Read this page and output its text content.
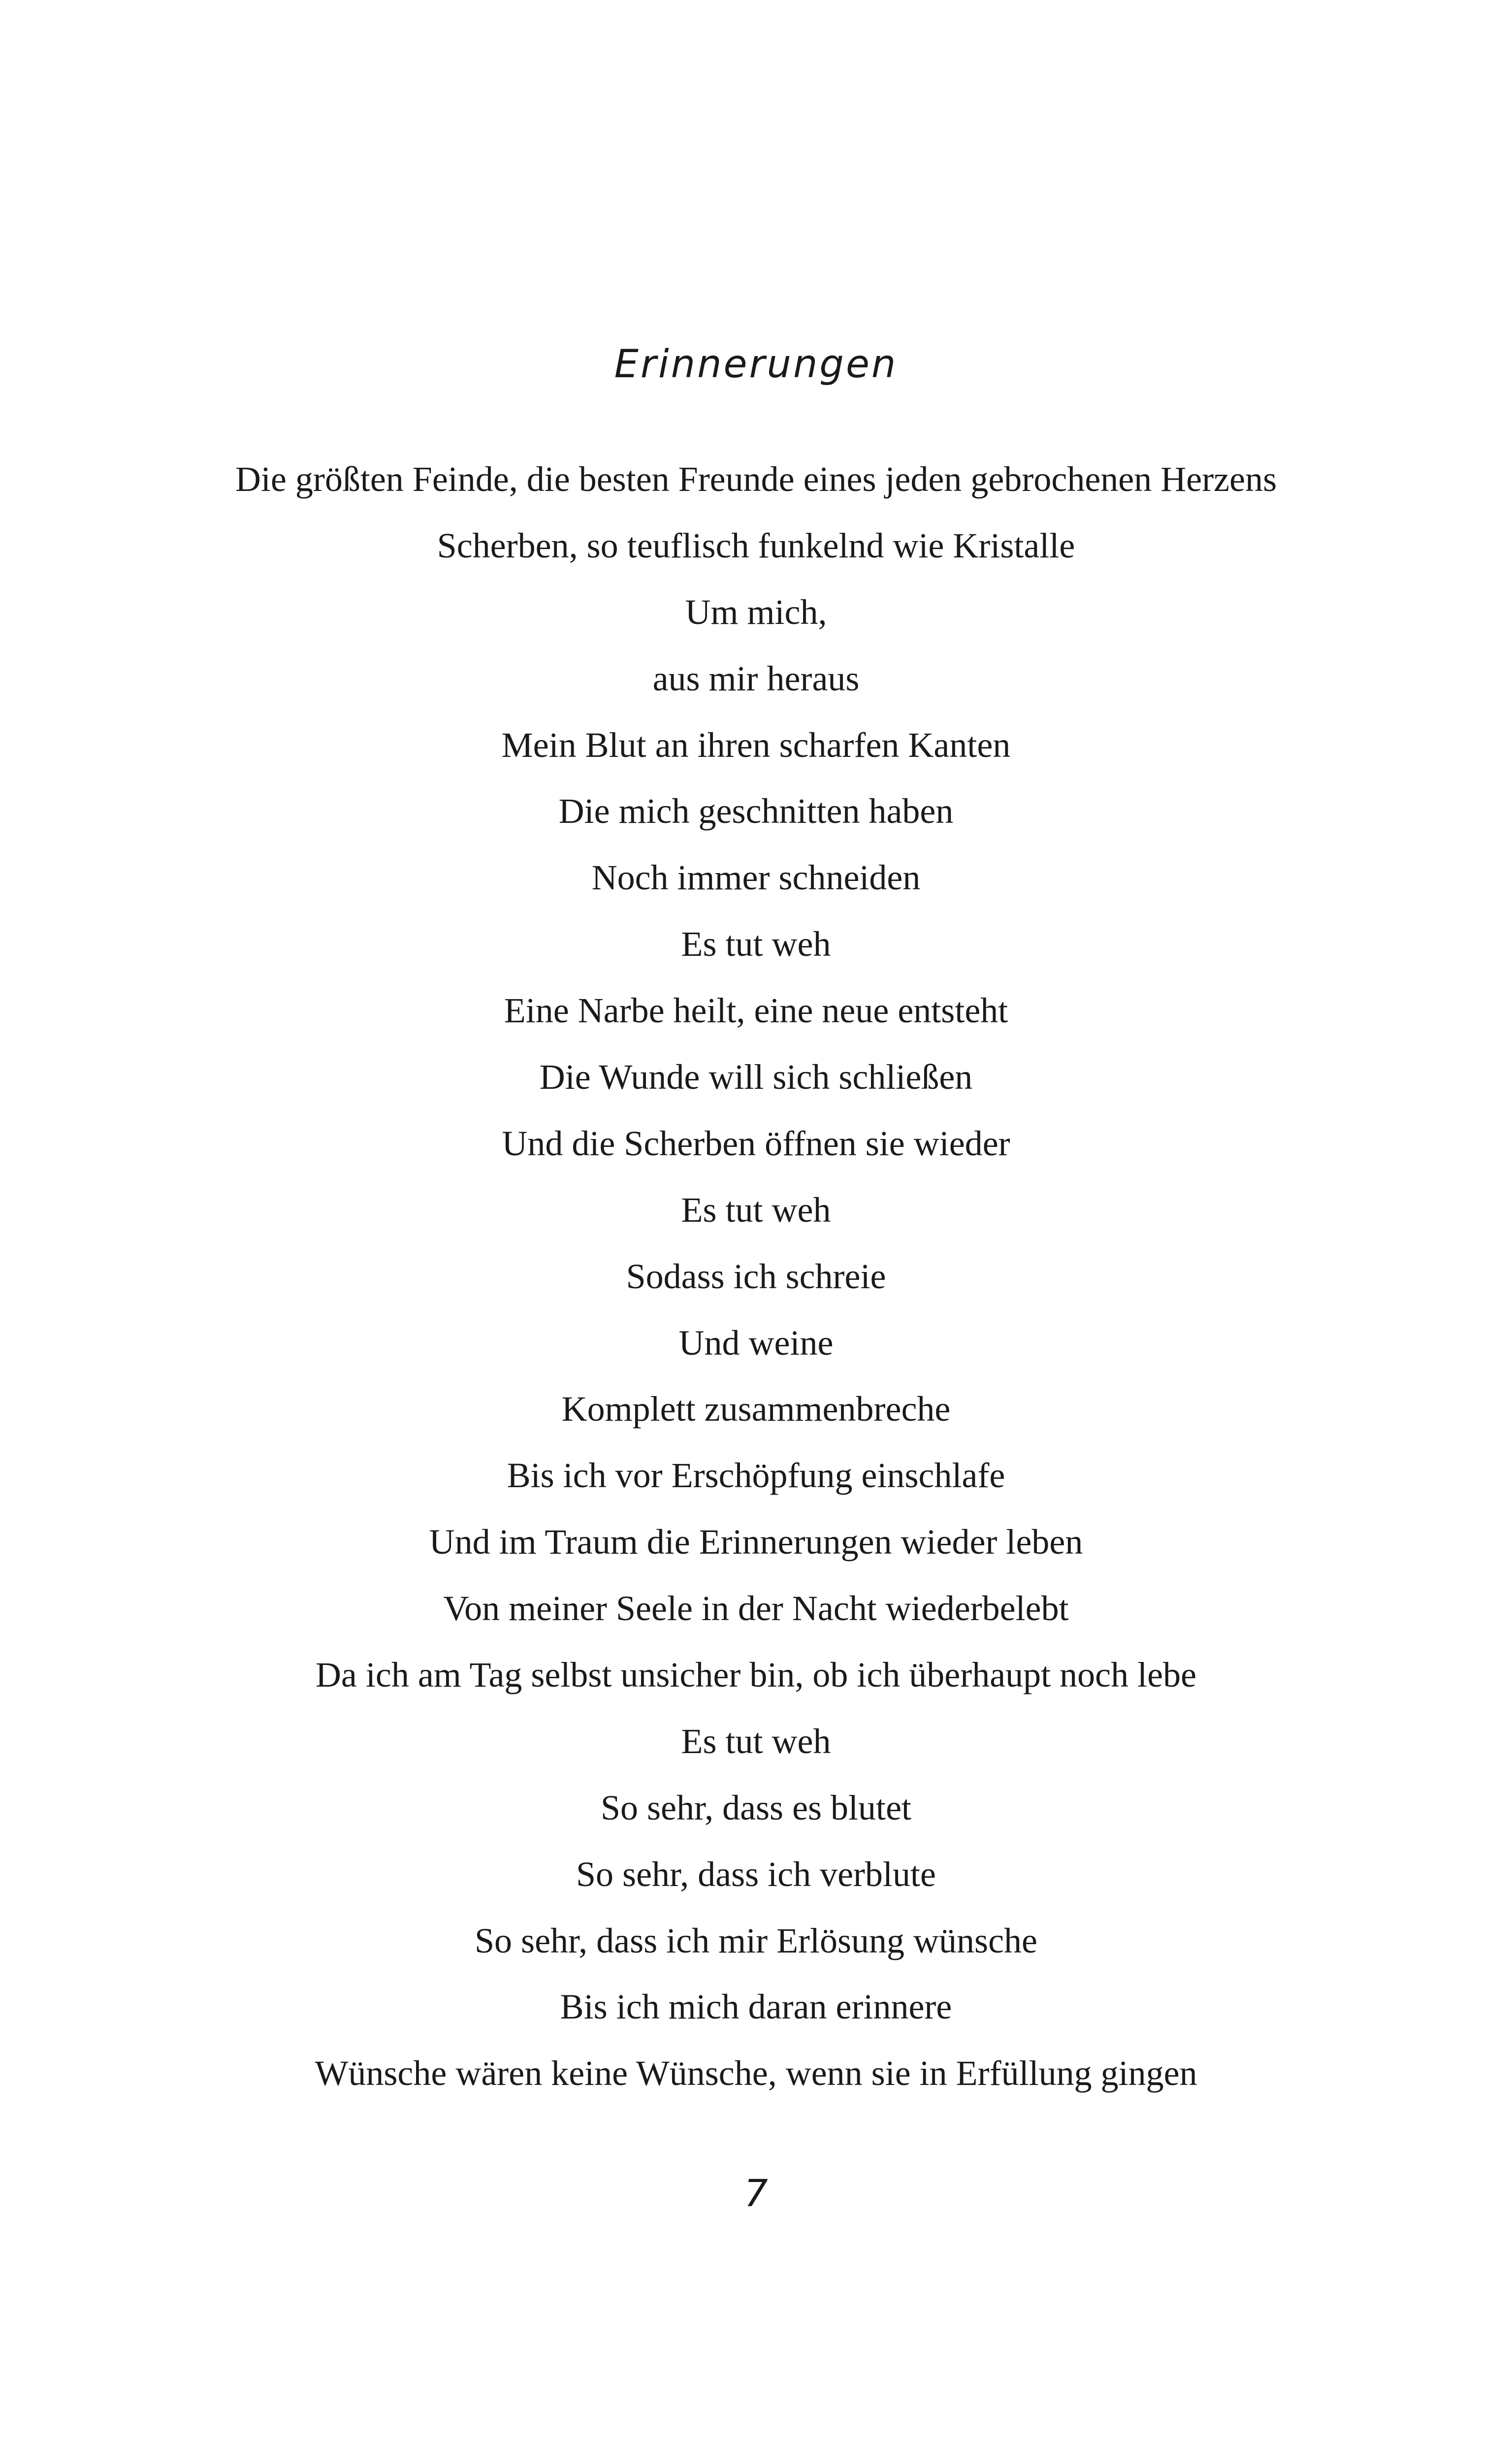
Erinnerungen
Die größten Feinde, die besten Freunde eines jeden gebrochenen Herzens
Scherben, so teuflisch funkelnd wie Kristalle
Um mich,
aus mir heraus
Mein Blut an ihren scharfen Kanten
Die mich geschnitten haben
Noch immer schneiden
Es tut weh
Eine Narbe heilt, eine neue entsteht
Die Wunde will sich schließen
Und die Scherben öffnen sie wieder
Es tut weh
Sodass ich schreie
Und weine
Komplett zusammenbreche
Bis ich vor Erschöpfung einschlafe
Und im Traum die Erinnerungen wieder leben
Von meiner Seele in der Nacht wiederbelebt
Da ich am Tag selbst unsicher bin, ob ich überhaupt noch lebe
Es tut weh
So sehr, dass es blutet
So sehr, dass ich verblute
So sehr, dass ich mir Erlösung wünsche
Bis ich mich daran erinnere
Wünsche wären keine Wünsche, wenn sie in Erfüllung gingen
7
